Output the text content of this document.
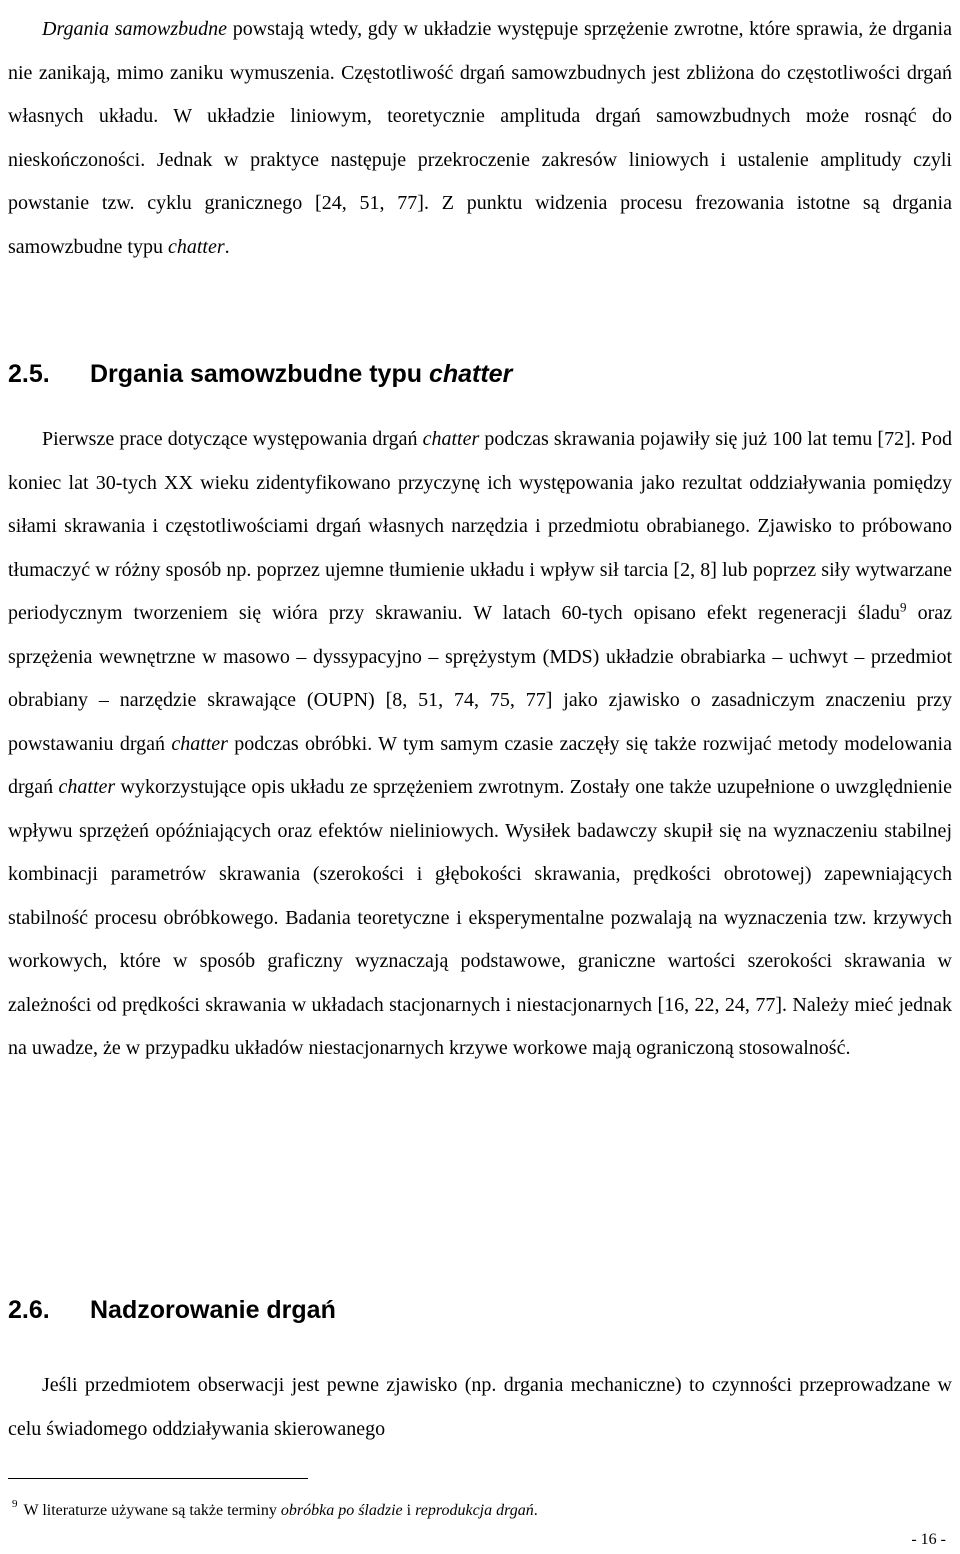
Drgania samowzbudne powstają wtedy, gdy w układzie występuje sprzężenie zwrotne, które sprawia, że drgania nie zanikają, mimo zaniku wymuszenia. Częstotliwość drgań samowzbudnych jest zbliżona do częstotliwości drgań własnych układu. W układzie liniowym, teoretycznie amplituda drgań samowzbudnych może rosnąć do nieskończoności. Jednak w praktyce następuje przekroczenie zakresów liniowych i ustalenie amplitudy czyli powstanie tzw. cyklu granicznego [24, 51, 77]. Z punktu widzenia procesu frezowania istotne są drgania samowzbudne typu chatter.

2.5. Drgania samowzbudne typu chatter

Pierwsze prace dotyczące występowania drgań chatter podczas skrawania pojawiły się już 100 lat temu [72]. Pod koniec lat 30-tych XX wieku zidentyfikowano przyczynę ich występowania jako rezultat oddziaływania pomiędzy siłami skrawania i częstotliwościami drgań własnych narzędzia i przedmiotu obrabianego. Zjawisko to próbowano tłumaczyć w różny sposób np. poprzez ujemne tłumienie układu i wpływ sił tarcia [2, 8] lub poprzez siły wytwarzane periodycznym tworzeniem się wióra przy skrawaniu. W latach 60-tych opisano efekt regeneracji śladu$^9$ oraz sprzężenia wewnętrzne w masowo – dyssypacyjno – sprężystym (MDS) układzie obrabiarka – uchwyt – przedmiot obrabiany – narzędzie skrawające (OUPN) [8, 51, 74, 75, 77] jako zjawisko o zasadniczym znaczeniu przy powstawaniu drgań chatter podczas obróbki. W tym samym czasie zaczęły się także rozwijać metody modelowania drgań chatter wykorzystujące opis układu ze sprzężeniem zwrotnym. Zostały one także uzupełnione o uwzględnienie wpływu sprzężeń opóźniających oraz efektów nieliniowych. Wysiłek badawczy skupił się na wyznaczeniu stabilnej kombinacji parametrów skrawania (szerokości i głębokości skrawania, prędkości obrotowej) zapewniających stabilność procesu obróbkowego. Badania teoretyczne i eksperymentalne pozwalają na wyznaczenia tzw. krzywych workowych, które w sposób graficzny wyznaczają podstawowe, graniczne wartości szerokości skrawania w zależności od prędkości skrawania w układach stacjonarnych i niestacjonarnych [16, 22, 24, 77]. Należy mieć jednak na uwadze, że w przypadku układów niestacjonarnych krzywe workowe mają ograniczoną stosowalność.

2.6. Nadzorowanie drgań

Jeśli przedmiotem obserwacji jest pewne zjawisko (np. drgania mechaniczne) to czynności przeprowadzane w celu świadomego oddziaływania skierowanego

$^9$ W literaturze używane są także terminy obróbka po śladzie i reprodukcja drgań.

- 16 -
